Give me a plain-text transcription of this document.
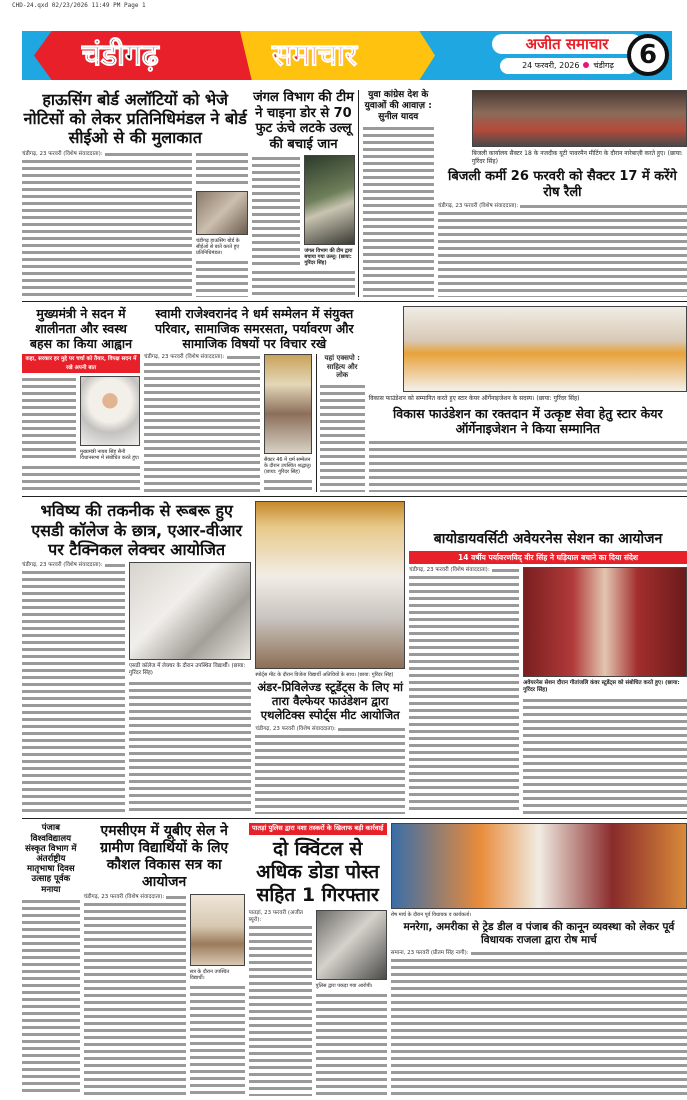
CHD-24.qxd 02/23/2026 11:49 PM Page 1
चंडीगढ़	समाचार	अजीत समाचार
24 फरवरी, 2026 चंडीगढ़ 6
हाऊसिंग बोर्ड अलॉटियों को भेजे नोटिसों को लेकर प्रतिनिधिमंडल ने बोर्ड सीईओ से की मुलाकात
चंडीगढ़, 23 फरवरी (विशेष संवाददाता):
चंडीगढ़ हाऊसिंग बोर्ड के सीईओ से बातें करते हुए प्रतिनिधिमंडल।
जंगल विभाग की टीम ने चाइना डोर से 70 फुट ऊंचे लटके उल्लू की बचाई जान
जंगल विभाग की टीम द्वारा बचाया गया उल्लू। (छाया: गुरिंदर सिंह)
युवा कांग्रेस देश के युवाओं की आवाज़ : सुनील यादव
बिजली कार्यालय सैक्टर 18 के नजदीक यूटी पावरमैन मीटिंग के दौरान नारेबाज़ी करते हुए। (छाया: गुरिंदर सिंह)
बिजली कर्मी 26 फरवरी को सैक्टर 17 में करेंगे रोष रैली
चंडीगढ़, 23 फरवरी (विशेष संवाददाता):
मुख्यमंत्री ने सदन में शालीनता और स्वस्थ बहस का किया आह्वान
कहा, सरकार हर मुद्दे पर चर्चा को तैयार, विपक्ष सदन में रखे अपनी बात
मुख्यमंत्री नायब सिंह सैनी विधानसभा में संबोधित करते हुए।
स्वामी राजेश्वरानंद ने धर्म सम्मेलन में संयुक्त परिवार, सामाजिक समरसता, पर्यावरण और सामाजिक विषयों पर विचार रखे
चंडीगढ़, 23 फरवरी (विशेष संवाददाता):
सैक्टर 46 में धर्म सम्मेलन के दौरान उपस्थित श्रद्धालु। (छाया: गुरिंदर सिंह)
यहां एक्सपो : साहित्य और लोक
विकास फाउंडेशन को सम्मानित करते हुए स्टार केयर ऑर्गेनाइजेशन के सदस्य। (छाया: गुरिंदर सिंह)
विकास फाउंडेशन का रक्तदान में उत्कृष्ट सेवा हेतु स्टार केयर ऑर्गेनाइजेशन ने किया सम्मानित
भविष्य की तकनीक से रूबरू हुए एसडी कॉलेज के छात्र, एआर-वीआर पर टैक्निकल लेक्चर आयोजित
चंडीगढ़, 23 फरवरी (विशेष संवाददाता):
एसडी कॉलेज में लेक्चर के दौरान उपस्थित विद्यार्थी। (छाया: गुरिंदर सिंह)	स्पोर्ट्स मीट के दौरान विजेता विद्यार्थी अतिथियों के साथ। (छाया: गुरिंदर सिंह)
अंडर-प्रिविलेज्ड स्टूडेंट्स के लिए मां तारा वैल्फेयर फाउंडेशन द्वारा एथलेटिक्स स्पोर्ट्स मीट आयोजित
चंडीगढ़, 23 फरवरी (विशेष संवाददाता):
बायोडायवर्सिटी अवेयरनेस सेशन का आयोजन
14 वर्षीय पर्यावरणविद् वीर सिंह ने घड़ियाल बचाने का दिया संदेश
चंडीगढ़, 23 फरवरी (विशेष संवाददाता):
अवेयरनेस सेशन दौरान गीतांजलि कंवर स्टूडेंट्स को संबोधित करते हुए। (छाया: गुरिंदर सिंह)
पंजाब विश्वविद्यालय संस्कृत विभाग में अंतर्राष्ट्रीय मातृभाषा दिवस उत्साह पूर्वक मनाया
एमसीएम में यूबीए सेल ने ग्रामीण विद्यार्थियों के लिए कौशल विकास सत्र का आयोजन
चंडीगढ़, 23 फरवरी (विशेष संवाददाता):
सत्र के दौरान उपस्थित विद्यार्थी।
पातड़ां पुलिस द्वारा नशा तस्करों के खिलाफ बड़ी कार्रवाई
दो क्विंटल से अधिक डोडा पोस्त सहित 1 गिरफ्तार
पातड़ां, 23 फरवरी (अजीत ब्यूरो):
पुलिस द्वारा पकड़ा गया आरोपी।
रोष मार्च के दौरान पूर्व विधायक व कार्यकर्ता।
मनरेगा, अमरीका से ट्रेड डील व पंजाब की कानून व्यवस्था को लेकर पूर्व विधायक राजला द्वारा रोष मार्च
समाना, 23 फरवरी (प्रीतम सिंह नागी):
